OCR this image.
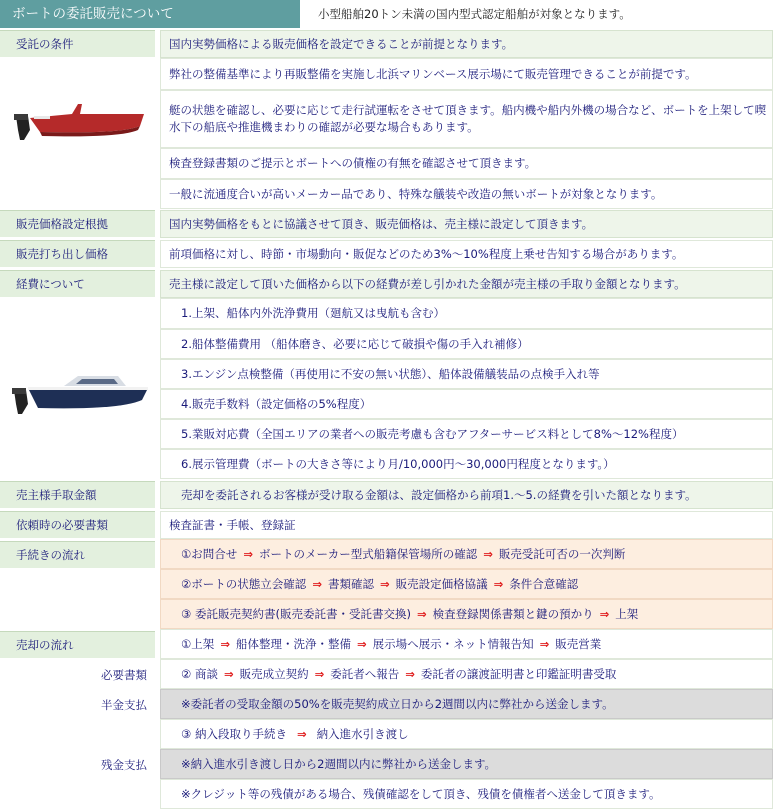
ボートの委託販売について	小型船舶20トン未満の国内型式認定船舶が対象となります。
受託の条件	国内実勢価格による販売価格を設定できることが前提となります。
弊社の整備基準により再販整備を実施し北浜マリンベース展示場にて販売管理できることが前提です。
艇の状態を確認し、必要に応じて走行試運転をさせて頂きます。船内機や船内外機の場合など、ボートを上架して喫水下の船底や推進機まわりの確認が必要な場合もあります。
検査登録書類のご提示とボートへの債権の有無を確認させて頂きます。
一般に流通度合いが高いメーカー品であり、特殊な艤装や改造の無いボートが対象となります。
販売価格設定根拠	国内実勢価格をもとに協議させて頂き、販売価格は、売主様に設定して頂きます。
販売打ち出し価格	前項価格に対し、時節・市場動向・販促などのため3%～10%程度上乗せ告知する場合があります。
経費について	売主様に設定して頂いた価格から以下の経費が差し引かれた金額が売主様の手取り金額となります。
1.上架、船体内外洗浄費用（廻航又は曳航も含む）
2.船体整備費用 （船体磨き、必要に応じて破損や傷の手入れ補修）
3.エンジン点検整備（再使用に不安の無い状態）、船体設備艤装品の点検手入れ等
4.販売手数料（設定価格の5%程度）
5.業販対応費（全国エリアの業者への販売考慮も含むアフターサービス料として8%～12%程度）
6.展示管理費（ボートの大きさ等により月/10,000円～30,000円程度となります。）
売主様手取金額	売却を委託されるお客様が受け取る金額は、設定価格から前項1.～5.の経費を引いた額となります。
依頼時の必要書類	検査証書・手帳、登録証
手続きの流れ	①お問合せ ⇒ ボートのメーカー型式船籍保管場所の確認 ⇒ 販売受託可否の一次判断
②ボートの状態立会確認 ⇒ 書類確認 ⇒ 販売設定価格協議 ⇒ 条件合意確認
③ 委託販売契約書(販売委託書・受託書交換) ⇒ 検査登録関係書類と鍵の預かり ⇒ 上架
売却の流れ	①上架 ⇒ 船体整理・洗浄・整備 ⇒ 展示場へ展示・ネット情報告知 ⇒ 販売営業
必要書類	② 商談 ⇒ 販売成立契約 ⇒ 委託者へ報告 ⇒ 委託者の譲渡証明書と印鑑証明書受取
半金支払	※委託者の受取金額の50%を販売契約成立日から2週間以内に弊社から送金します。
③ 納入段取り手続き ⇒ 納入進水引き渡し
残金支払	※納入進水引き渡し日から2週間以内に弊社から送金します。
※クレジット等の残債がある場合、残債確認をして頂き、残債を債権者へ送金して頂きます。
